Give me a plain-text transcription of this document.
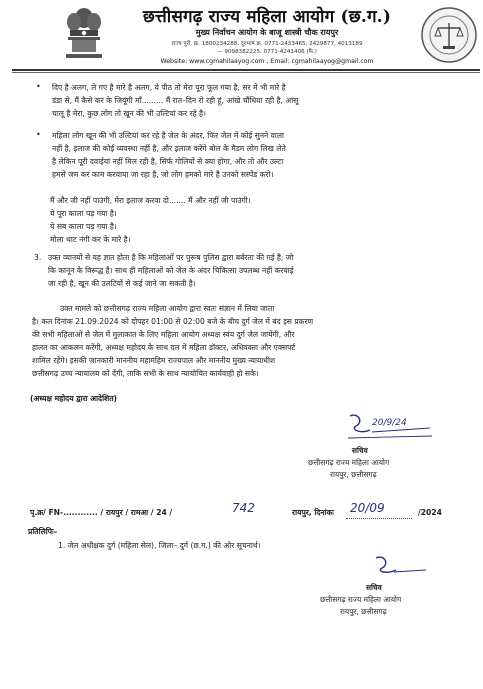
छत्तीसगढ़ राज्य महिला आयोग (छ.ग.)
मुख्य निर्वाचन आयोग के बाजू शास्त्री चौक रायपुर
राज्य पुरी. क्र. 1800234288, दूरभाष क्र. 0771-2433465, 2429877, 4013189
— 9098382225, 0771-4241406 (फै.)
Website: www.cgmahilaayog.com , Email: cgmahilaayog@gmail.com
• दिए है अलग, ले गए है मारे है अलग, ये पीठ तो मेरा पूरा फूल गया है, सर में भी मारे है
डंडा से, मैं कैसे कर के जियूंगी माँ......... मैं रात–दिन रो रही हूं, आंखे चौंधिया रही है, आंसू
चालू है मेरा, कुछ लोग तो खून की भी उल्टियां कर रहे है।
• महिला लोग खून की भी उल्टियां कर रहे है जेल के अंदर, फिर जेल में कोई सुनने वाला
नहीं है, इलाज की कोई व्यवस्था नहीं है, और इलाज करेंगे बोल के मैडम लोग लिख लेते
है लेकिन पूरी दवाईयां नहीं मिल रही है, सिर्फ गोलियों से क्या होगा, और तो और उल्टा
हमसे जम कर काम करवाया जा रहा है, जो लोग हमको मारे है उनको सस्पेंड करो।
मैं और जी नहीं पाउंगी, मेरा इलाज करवा दो....... मैं और नहीं जी पाउंगी।
ये पूरा काला पड़ गया है।
ये सब काला पड़ गया है।
मोला थाट नंगी कर के मारे है।
3. उक्त व्यानयों से यह ज्ञात होता है कि महिलाओं पर पुरूष पुलिस द्वारा बर्बरता की गई है, जो
कि कानून के विरूद्ध है। साथ ही महिलाओं को जेल के अंदर चिकित्सा उपलब्ध नहीं करवाई
जा रही है, खून की उलटियों से कई जाने जा सकती है।
उक्त मामले को छत्तीसगढ़ राज्य महिला आयोग द्वारा स्वतः संज्ञान में लिया जाता
है। कल दिनांक 21.09.2024 को दोपहर 01:00 से 02:00 बजे के बीच दुर्ग जेल में बंद इस प्रकरण
की सभी महिलाओं से जेल में मुलाकात के लिए महिला आयोग अध्यक्ष स्वंय दुर्ग जेल जायेंगी, और
हालत का आकलन करेंगी, अध्यक्ष महोदय के साथ दल में महिला डॉक्टर, अधिवक्ता और एक्सपर्ट
शामिल रहेंगे। इसकी जानकारी माननीय महामहिम राज्यपाल और माननीय मुख्य न्यायाधीश
छत्तीसगढ़ उच्च न्यायालय को देंगी, ताकि सभी के साथ न्यायोचित कार्यवाही हो सके।
(अध्यक्ष महोदय द्वारा आदेशित)
20/9/24
सचिव
छत्तीसगढ़ राज्य महिला आयोग
रायपुर, छत्तीसगढ़
पृ.क्र/ FN-............ / रायपुर / रामआ / 24 /	742	रायपुर, दिनांकः 20/09	/2024
प्रतिलिपिः–
1. जेल अधीक्षक दुर्ग (महिला सेल), जिला– दुर्ग (छ.ग.) की ओर सूचनार्थ।
सचिव
छत्तीसगढ़ राज्य महिला आयोग
रायपुर, छत्तीसगढ़
